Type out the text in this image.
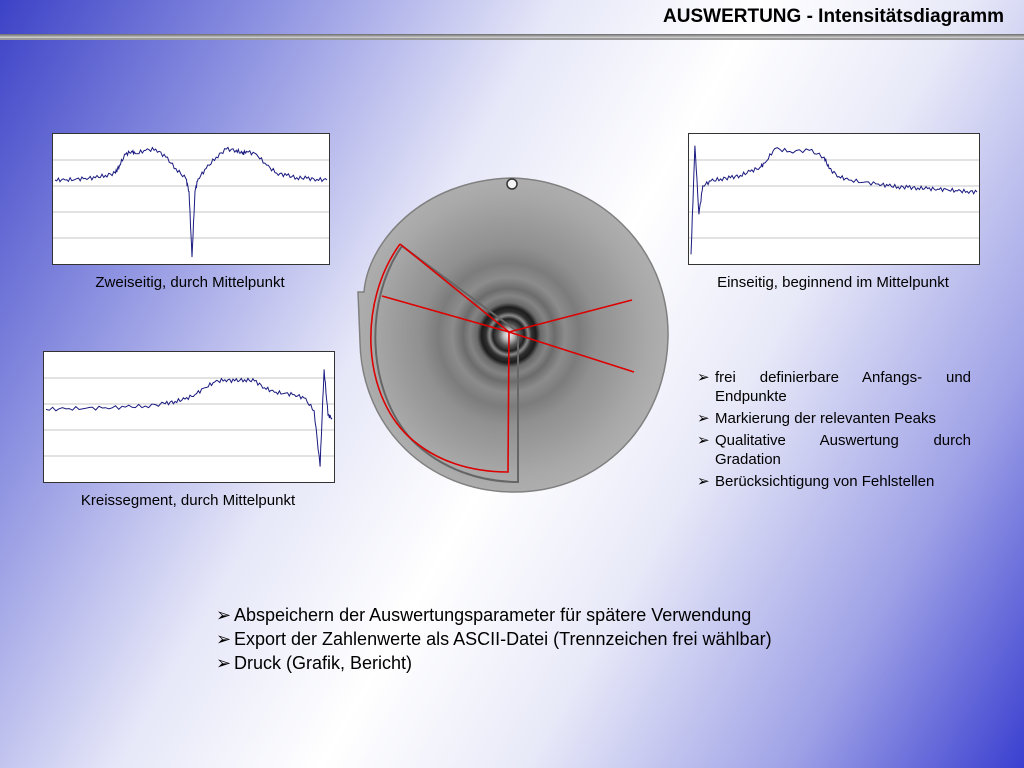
AUSWERTUNG - Intensitätsdiagramm
Zweiseitig, durch Mittelpunkt	Einseitig, beginnend im Mittelpunkt
Kreissegment, durch Mittelpunkt
➢ frei definierbare Anfangs- und Endpunkte
➢ Markierung der relevanten Peaks
➢ Qualitative Auswertung durch Gradation
➢ Berücksichtigung von Fehlstellen
➢ Abspeichern der Auswertungsparameter für spätere Verwendung
➢ Export der Zahlenwerte als ASCII-Datei (Trennzeichen frei wählbar)
➢ Druck (Grafik, Bericht)
